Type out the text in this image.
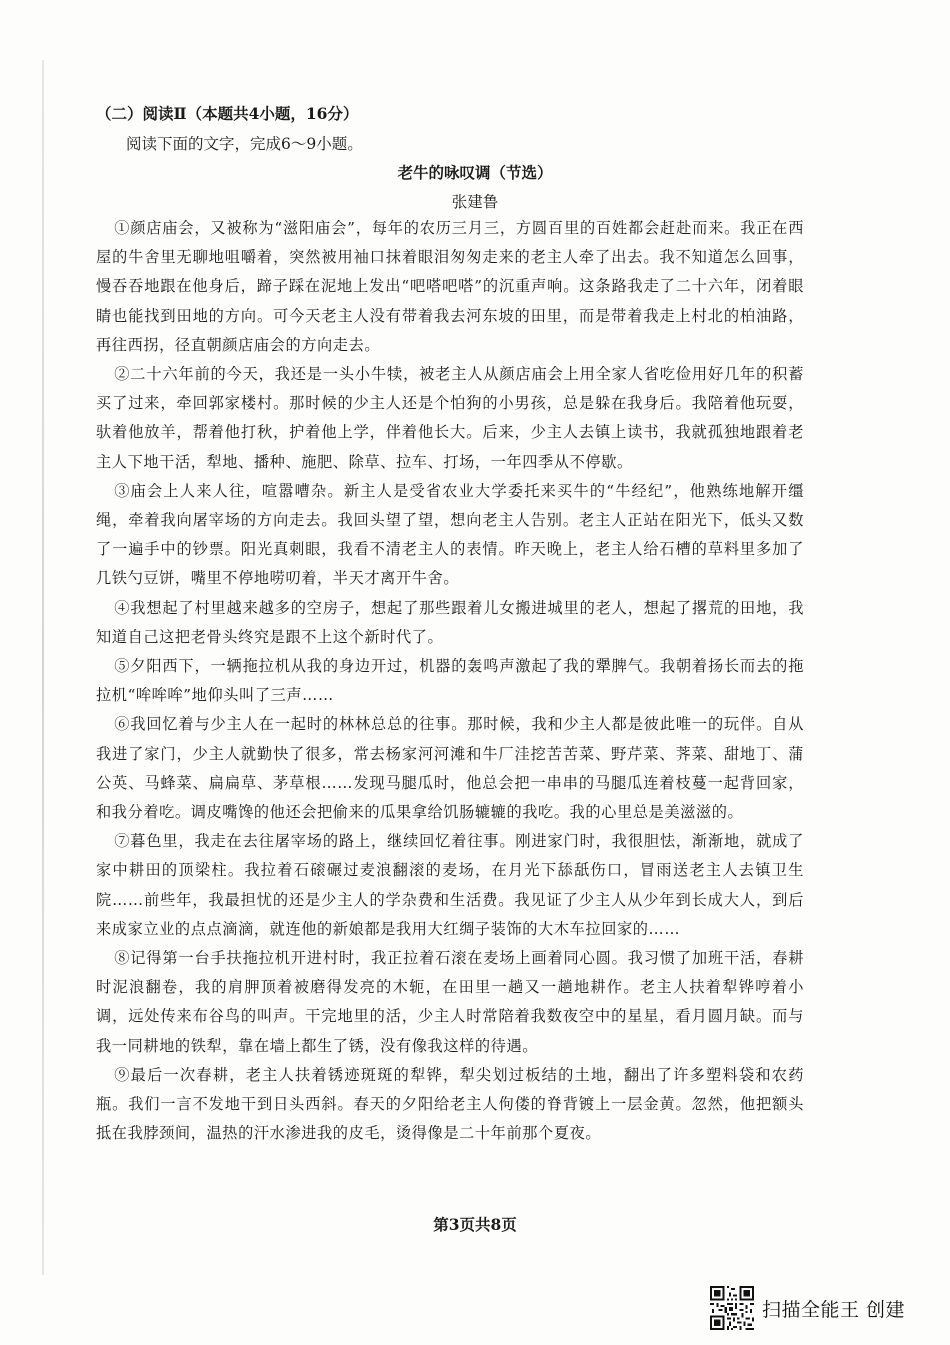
（二）阅读Ⅱ（本题共4小题，16分）
阅读下面的文字，完成6～9小题。
老牛的咏叹调（节选）
张建鲁

①颜店庙会，又被称为“滋阳庙会”，每年的农历三月三，方圆百里的百姓都会赶赴而来。我正在西屋的牛舍里无聊地咀嚼着，突然被用袖口抹着眼泪匆匆走来的老主人牵了出去。我不知道怎么回事，慢吞吞地跟在他身后，蹄子踩在泥地上发出“吧嗒吧嗒”的沉重声响。这条路我走了二十六年，闭着眼睛也能找到田地的方向。可今天老主人没有带着我去河东坡的田里，而是带着我走上村北的柏油路，再往西拐，径直朝颜店庙会的方向走去。

②二十六年前的今天，我还是一头小牛犊，被老主人从颜店庙会上用全家人省吃俭用好几年的积蓄买了过来，牵回郭家楼村。那时候的少主人还是个怕狗的小男孩，总是躲在我身后。我陪着他玩耍，驮着他放羊，帮着他打秋，护着他上学，伴着他长大。后来，少主人去镇上读书，我就孤独地跟着老主人下地干活，犁地、播种、施肥、除草、拉车、打场，一年四季从不停歇。

③庙会上人来人往，喧嚣嘈杂。新主人是受省农业大学委托来买牛的“牛经纪”，他熟练地解开缰绳，牵着我向屠宰场的方向走去。我回头望了望，想向老主人告别。老主人正站在阳光下，低头又数了一遍手中的钞票。阳光真刺眼，我看不清老主人的表情。昨天晚上，老主人给石槽的草料里多加了几铁勺豆饼，嘴里不停地唠叨着，半天才离开牛舍。

④我想起了村里越来越多的空房子，想起了那些跟着儿女搬进城里的老人，想起了撂荒的田地，我知道自己这把老骨头终究是跟不上这个新时代了。

⑤夕阳西下，一辆拖拉机从我的身边开过，机器的轰鸣声激起了我的犟脾气。我朝着扬长而去的拖拉机“哞哞哞”地仰头叫了三声……

⑥我回忆着与少主人在一起时的林林总总的往事。那时候，我和少主人都是彼此唯一的玩伴。自从我进了家门，少主人就勤快了很多，常去杨家河河滩和牛厂洼挖苦苦菜、野芹菜、荠菜、甜地丁、蒲公英、马蜂菜、扁扁草、茅草根……发现马腿瓜时，他总会把一串串的马腿瓜连着枝蔓一起背回家，和我分着吃。调皮嘴馋的他还会把偷来的瓜果拿给饥肠辘辘的我吃。我的心里总是美滋滋的。

⑦暮色里，我走在去往屠宰场的路上，继续回忆着往事。刚进家门时，我很胆怯，渐渐地，就成了家中耕田的顶梁柱。我拉着石磙碾过麦浪翻滚的麦场，在月光下舔舐伤口，冒雨送老主人去镇卫生院……前些年，我最担忧的还是少主人的学杂费和生活费。我见证了少主人从少年到长成大人，到后来成家立业的点点滴滴，就连他的新娘都是我用大红绸子装饰的大木车拉回家的……

⑧记得第一台手扶拖拉机开进村时，我正拉着石滚在麦场上画着同心圆。我习惯了加班干活，春耕时泥浪翻卷，我的肩胛顶着被磨得发亮的木轭，在田里一趟又一趟地耕作。老主人扶着犁铧哼着小调，远处传来布谷鸟的叫声。干完地里的活，少主人时常陪着我数夜空中的星星，看月圆月缺。而与我一同耕地的铁犁，靠在墙上都生了锈，没有像我这样的待遇。

⑨最后一次春耕，老主人扶着锈迹斑斑的犁铧，犁尖划过板结的土地，翻出了许多塑料袋和农药瓶。我们一言不发地干到日头西斜。春天的夕阳给老主人佝偻的脊背镀上一层金黄。忽然，他把额头抵在我脖颈间，温热的汗水渗进我的皮毛，烫得像是二十年前那个夏夜。

第3页共8页
扫描全能王 创建
